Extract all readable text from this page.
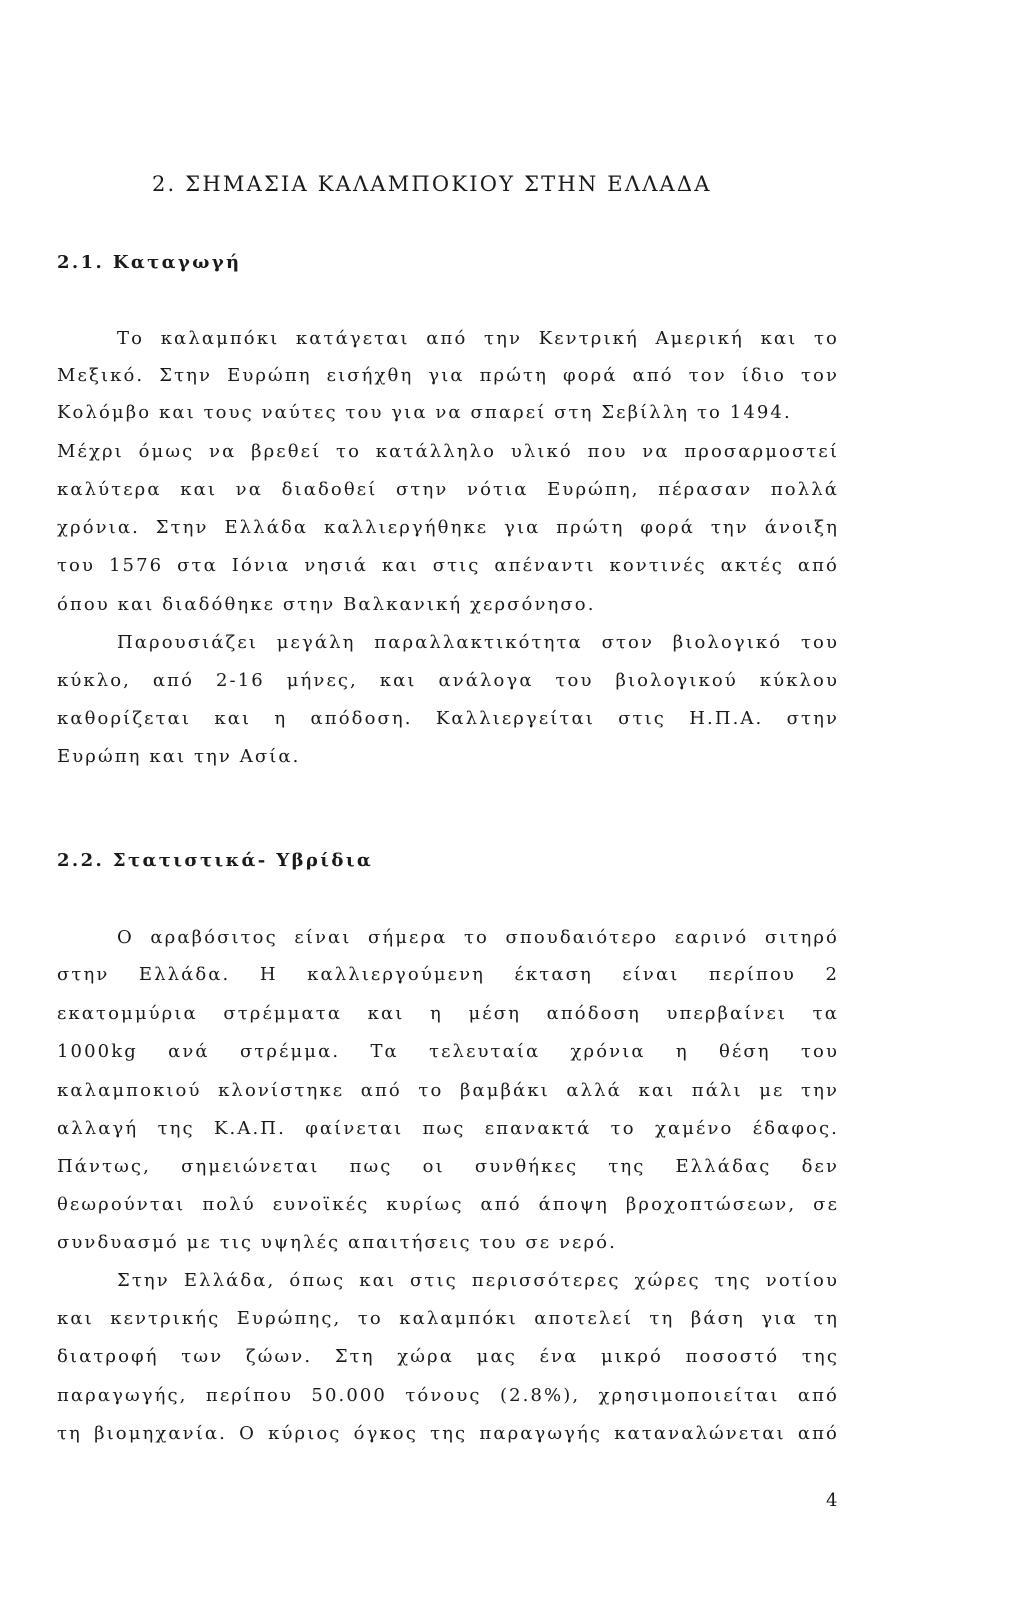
2. ΣΗΜΑΣΙΑ ΚΑΛΑΜΠΟΚΙΟΥ ΣΤΗΝ ΕΛΛΑΔΑ
2.1. Καταγωγή
Το καλαμπόκι κατάγεται από την Κεντρική Αμερική και το
Μεξικό. Στην Ευρώπη εισήχθη για πρώτη φορά από τον ίδιο τον
Κολόμβο και τους ναύτες του για να σπαρεί στη Σεβίλλη το 1494.
Μέχρι όμως να βρεθεί το κατάλληλο υλικό που να προσαρμοστεί
καλύτερα και να διαδοθεί στην νότια Ευρώπη, πέρασαν πολλά
χρόνια. Στην Ελλάδα καλλιεργήθηκε για πρώτη φορά την άνοιξη
του 1576 στα Ιόνια νησιά και στις απέναντι κοντινές ακτές από
όπου και διαδόθηκε στην Βαλκανική χερσόνησο.
Παρουσιάζει μεγάλη παραλλακτικότητα στον βιολογικό του
κύκλο, από 2-16 μήνες, και ανάλογα του βιολογικού κύκλου
καθορίζεται και η απόδοση. Καλλιεργείται στις Η.Π.Α. στην
Ευρώπη και την Ασία.
2.2. Στατιστικά- Υβρίδια
Ο αραβόσιτος είναι σήμερα το σπουδαιότερο εαρινό σιτηρό
στην Ελλάδα. Η καλλιεργούμενη έκταση είναι περίπου 2
εκατομμύρια στρέμματα και η μέση απόδοση υπερβαίνει τα
1000kg ανά στρέμμα. Τα τελευταία χρόνια η θέση του
καλαμποκιού κλονίστηκε από το βαμβάκι αλλά και πάλι με την
αλλαγή της Κ.Α.Π. φαίνεται πως επανακτά το χαμένο έδαφος.
Πάντως, σημειώνεται πως οι συνθήκες της Ελλάδας δεν
θεωρούνται πολύ ευνοϊκές κυρίως από άποψη βροχοπτώσεων, σε
συνδυασμό με τις υψηλές απαιτήσεις του σε νερό.
Στην Ελλάδα, όπως και στις περισσότερες χώρες της νοτίου
και κεντρικής Ευρώπης, το καλαμπόκι αποτελεί τη βάση για τη
διατροφή των ζώων. Στη χώρα μας ένα μικρό ποσοστό της
παραγωγής, περίπου 50.000 τόνους (2.8%), χρησιμοποιείται από
τη βιομηχανία. Ο κύριος όγκος της παραγωγής καταναλώνεται από
4
